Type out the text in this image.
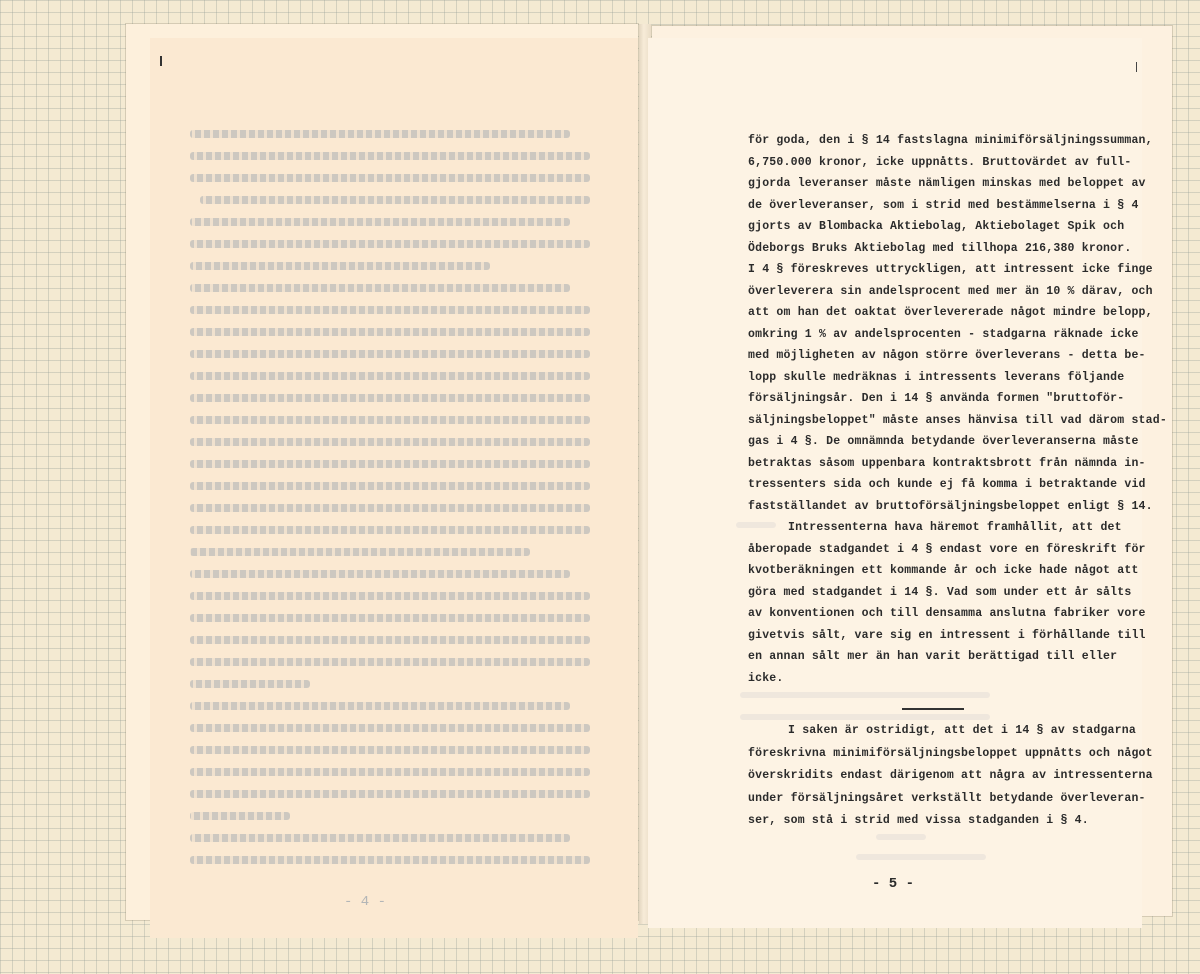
- 4 -
för goda, den i § 14 fastslagna minimiförsäljningssumman,
6,750.000 kronor, icke uppnåtts. Bruttovärdet av full-
gjorda leveranser måste nämligen minskas med beloppet av
de överleveranser, som i strid med bestämmelserna i § 4
gjorts av Blombacka Aktiebolag, Aktiebolaget Spik och
Ödeborgs Bruks Aktiebolag med tillhopa 216,380 kronor.
I 4 § föreskreves uttryckligen, att intressent icke finge
överleverera sin andelsprocent med mer än 10 % därav, och
att om han det oaktat överlevererade något mindre belopp,
omkring 1 % av andelsprocenten - stadgarna räknade icke
med möjligheten av någon större överleverans - detta be-
lopp skulle medräknas i intressents leverans följande
försäljningsår. Den i 14 § använda formen "bruttoför-
säljningsbeloppet" måste anses hänvisa till vad därom stad-
gas i 4 §. De omnämnda betydande överleveranserna måste
betraktas såsom uppenbara kontraktsbrott från nämnda in-
tressenters sida och kunde ej få komma i betraktande vid
fastställandet av bruttoförsäljningsbeloppet enligt § 14.
Intressenterna hava häremot framhållit, att det
åberopade stadgandet i 4 § endast vore en föreskrift för
kvotberäkningen ett kommande år och icke hade något att
göra med stadgandet i 14 §. Vad som under ett år sålts
av konventionen och till densamma anslutna fabriker vore
givetvis sålt, vare sig en intressent i förhållande till
en annan sålt mer än han varit berättigad till eller
icke.
I saken är ostridigt, att det i 14 § av stadgarna
föreskrivna minimiförsäljningsbeloppet uppnåtts och något
överskridits endast därigenom att några av intressenterna
under försäljningsåret verkställt betydande överleveran-
ser, som stå i strid med vissa stadganden i § 4.
- 5 -
